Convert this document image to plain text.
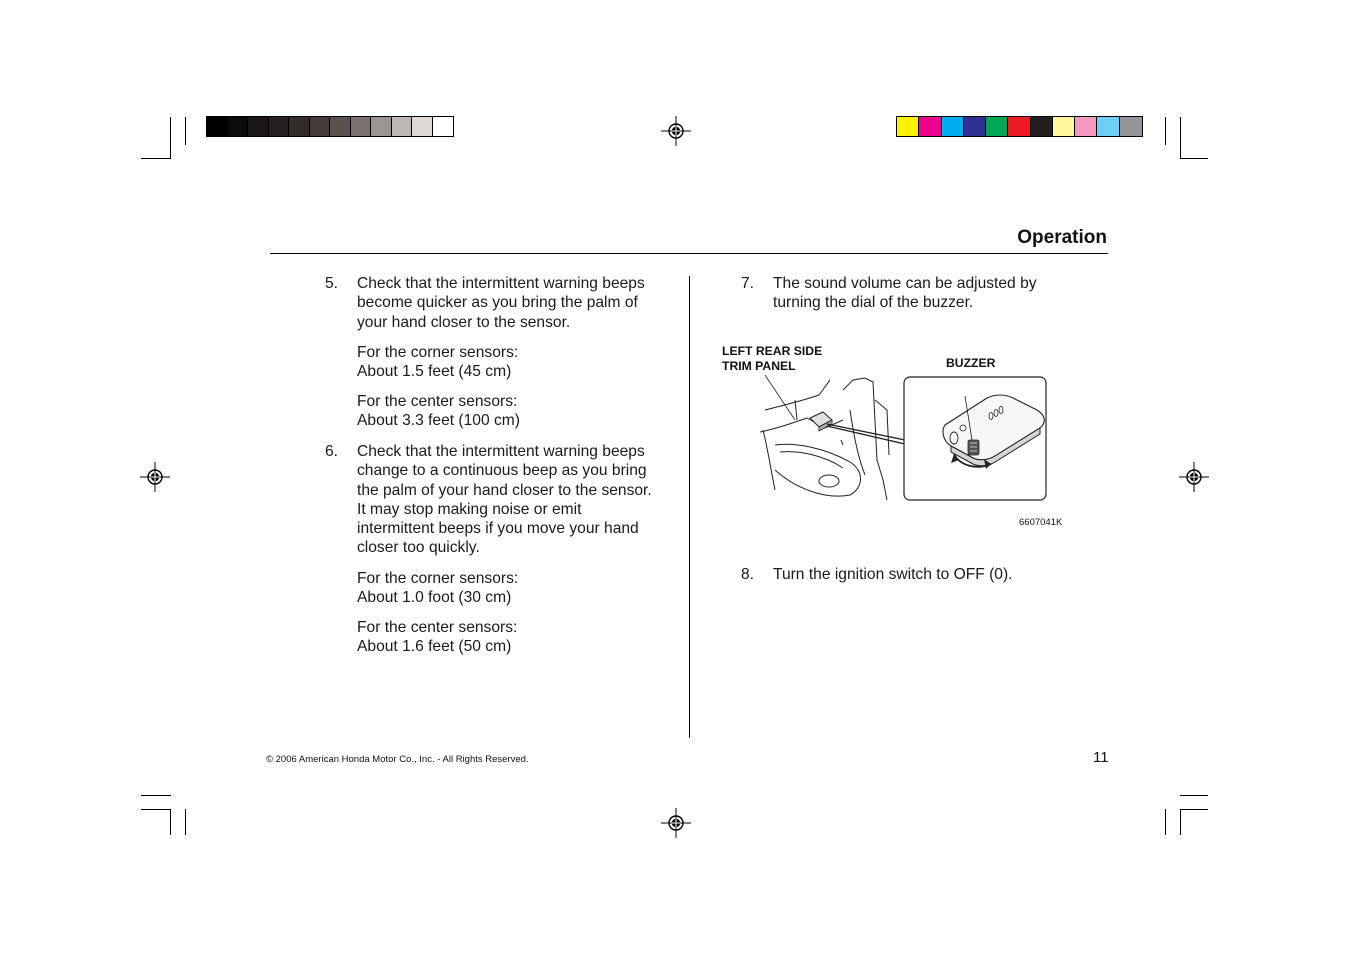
Operation
5. Check that the intermittent warning beeps
become quicker as you bring the palm of
your hand closer to the sensor.
For the corner sensors:
About 1.5 feet (45 cm)
For the center sensors:
About 3.3 feet (100 cm)
6. Check that the intermittent warning beeps
change to a continuous beep as you bring
the palm of your hand closer to the sensor.
It may stop making noise or emit
intermittent beeps if you move your hand
closer too quickly.
For the corner sensors:
About 1.0 foot (30 cm)
For the center sensors:
About 1.6 feet (50 cm)
7. The sound volume can be adjusted by
turning the dial of the buzzer.
LEFT REAR SIDE
TRIM PANEL	BUZZER
6607041K
8. Turn the ignition switch to OFF (0).
© 2006 American Honda Motor Co., Inc. - All Rights Reserved.	11
